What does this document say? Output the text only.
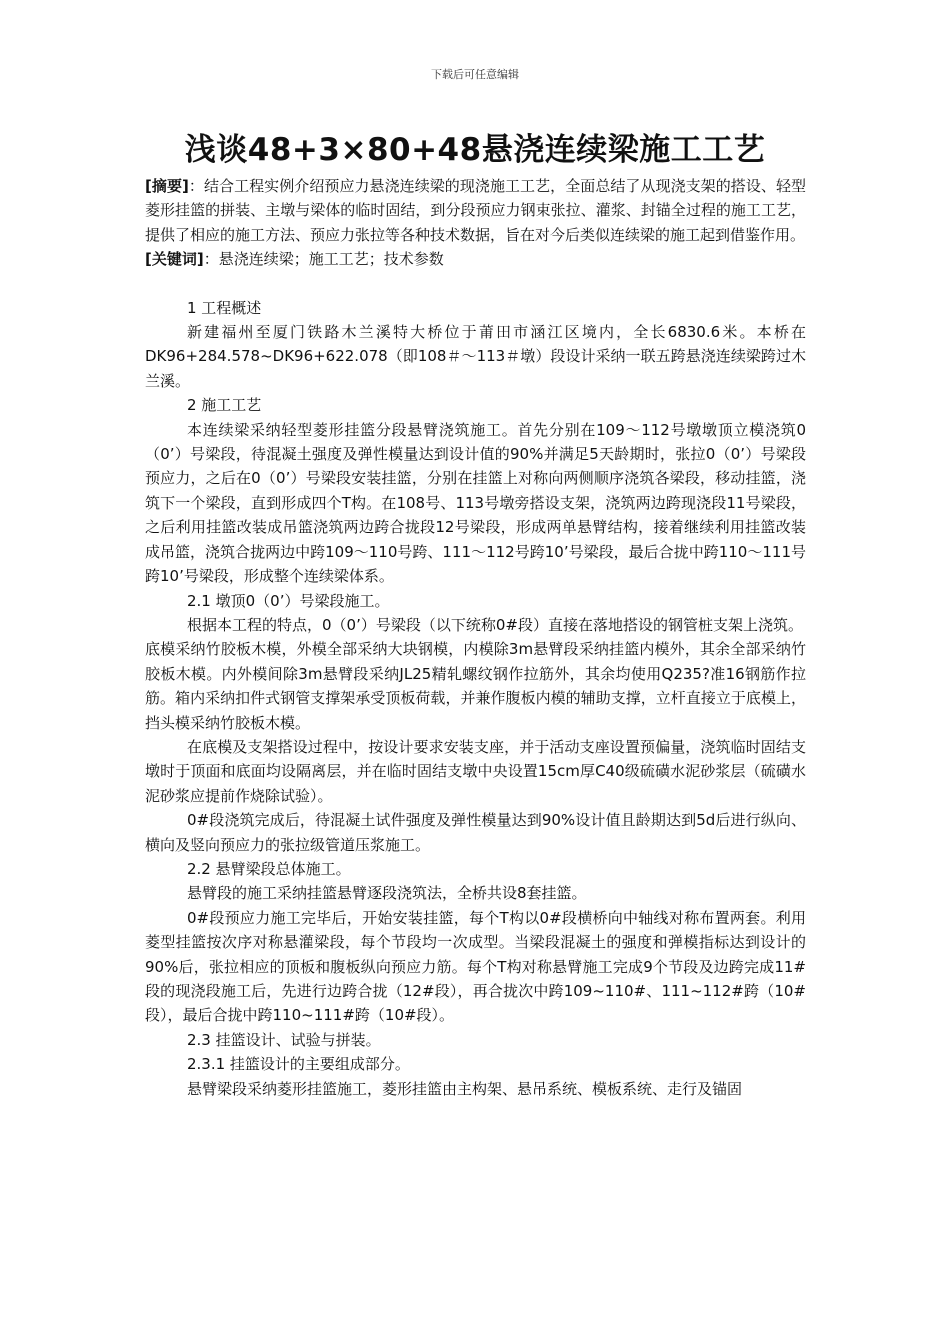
下载后可任意编辑
浅谈48+3×80+48悬浇连续梁施工工艺

[摘要]：结合工程实例介绍预应力悬浇连续梁的现浇施工工艺，全面总结了从现浇支架的搭设、轻型菱形挂篮的拼装、主墩与梁体的临时固结，到分段预应力钢束张拉、灌浆、封锚全过程的施工工艺，提供了相应的施工方法、预应力张拉等各种技术数据，旨在对今后类似连续梁的施工起到借鉴作用。

[关键词]：悬浇连续梁；施工工艺；技术参数

1 工程概述

新建福州至厦门铁路木兰溪特大桥位于莆田市涵江区境内，全长6830.6米。本桥在DK96+284.578~DK96+622.078（即108＃～113＃墩）段设计采纳一联五跨悬浇连续梁跨过木兰溪。

2 施工工艺

本连续梁采纳轻型菱形挂篮分段悬臂浇筑施工。首先分别在109～112号墩墩顶立模浇筑0（0’）号梁段，待混凝土强度及弹性模量达到设计值的90%并满足5天龄期时，张拉0（0’）号梁段预应力，之后在0（0’）号梁段安装挂篮，分别在挂篮上对称向两侧顺序浇筑各梁段，移动挂篮，浇筑下一个梁段，直到形成四个T构。在108号、113号墩旁搭设支架，浇筑两边跨现浇段11号梁段，之后利用挂篮改装成吊篮浇筑两边跨合拢段12号梁段，形成两单悬臂结构，接着继续利用挂篮改装成吊篮，浇筑合拢两边中跨109～110号跨、111～112号跨10’号梁段，最后合拢中跨110～111号跨10’号梁段，形成整个连续梁体系。

2.1 墩顶0（0’）号梁段施工。

根据本工程的特点，0（0’）号梁段（以下统称0#段）直接在落地搭设的钢管桩支架上浇筑。

底模采纳竹胶板木模，外模全部采纳大块钢模，内模除3m悬臂段采纳挂篮内模外，其余全部采纳竹胶板木模。内外模间除3m悬臂段采纳JL25精轧螺纹钢作拉筋外，其余均使用Q235?准16钢筋作拉筋。箱内采纳扣件式钢管支撑架承受顶板荷载，并兼作腹板内模的辅助支撑，立杆直接立于底模上，挡头模采纳竹胶板木模。

在底模及支架搭设过程中，按设计要求安装支座，并于活动支座设置预偏量，浇筑临时固结支墩时于顶面和底面均设隔离层，并在临时固结支墩中央设置15cm厚C40级硫磺水泥砂浆层（硫磺水泥砂浆应提前作烧除试验）。

0#段浇筑完成后，待混凝土试件强度及弹性模量达到90%设计值且龄期达到5d后进行纵向、横向及竖向预应力的张拉级管道压浆施工。

2.2 悬臂梁段总体施工。

悬臂段的施工采纳挂篮悬臂逐段浇筑法，全桥共设8套挂篮。

0#段预应力施工完毕后，开始安装挂篮，每个T构以0#段横桥向中轴线对称布置两套。利用菱型挂篮按次序对称悬灌梁段，每个节段均一次成型。当梁段混凝土的强度和弹模指标达到设计的90%后，张拉相应的顶板和腹板纵向预应力筋。每个T构对称悬臂施工完成9个节段及边跨完成11#段的现浇段施工后，先进行边跨合拢（12#段），再合拢次中跨109~110#、111~112#跨（10#段），最后合拢中跨110~111#跨（10#段）。

2.3 挂篮设计、试验与拼装。

2.3.1 挂篮设计的主要组成部分。

悬臂梁段采纳菱形挂篮施工，菱形挂篮由主构架、悬吊系统、模板系统、走行及锚固
